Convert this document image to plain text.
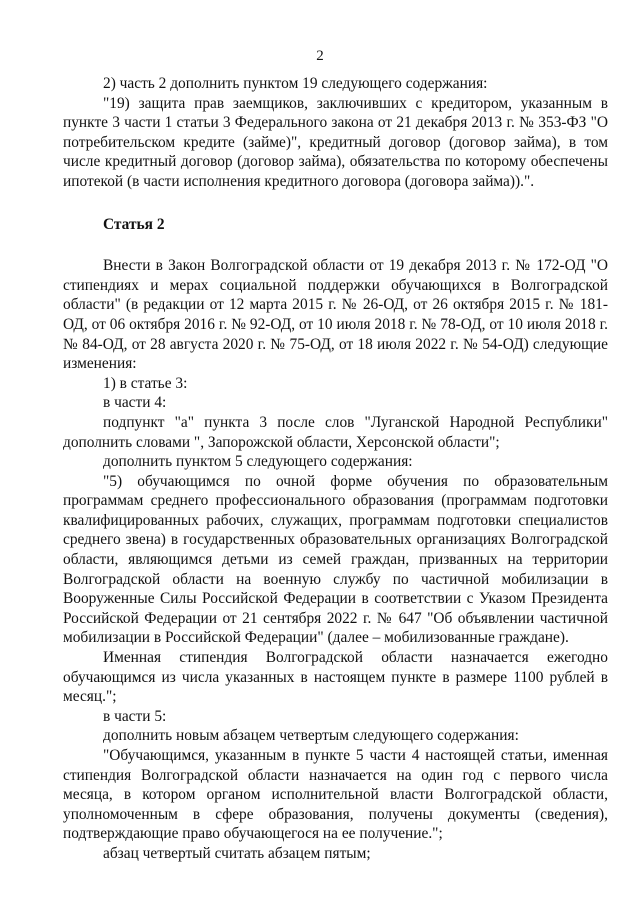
2

2) часть 2 дополнить пунктом 19 следующего содержания:

"19) защита прав заемщиков, заключивших с кредитором, указанным в пункте 3 части 1 статьи 3 Федерального закона от 21 декабря 2013 г. № 353-ФЗ "О потребительском кредите (займе)", кредитный договор (договор займа), в том числе кредитный договор (договор займа), обязательства по которому обеспечены ипотекой (в части исполнения кредитного договора (договора займа)).".

Статья 2

Внести в Закон Волгоградской области от 19 декабря 2013 г. № 172-ОД "О стипендиях и мерах социальной поддержки обучающихся в Волгоградской области" (в редакции от 12 марта 2015 г. № 26-ОД, от 26 октября 2015 г. № 181-ОД, от 06 октября 2016 г. № 92-ОД, от 10 июля 2018 г. № 78-ОД, от 10 июля 2018 г. № 84-ОД, от 28 августа 2020 г. № 75-ОД, от 18 июля 2022 г. № 54-ОД) следующие изменения:

1) в статье 3:

в части 4:

подпункт "а" пункта 3 после слов "Луганской Народной Республики" дополнить словами ", Запорожской области, Херсонской области";

дополнить пунктом 5 следующего содержания:

"5) обучающимся по очной форме обучения по образовательным программам среднего профессионального образования (программам подготовки квалифицированных рабочих, служащих, программам подготовки специалистов среднего звена) в государственных образовательных организациях Волгоградской области, являющимся детьми из семей граждан, призванных на территории Волгоградской области на военную службу по частичной мобилизации в Вооруженные Силы Российской Федерации в соответствии с Указом Президента Российской Федерации от 21 сентября 2022 г. № 647 "Об объявлении частичной мобилизации в Российской Федерации" (далее – мобилизованные граждане).

Именная стипендия Волгоградской области назначается ежегодно обучающимся из числа указанных в настоящем пункте в размере 1100 рублей в месяц.";

в части 5:

дополнить новым абзацем четвертым следующего содержания:

"Обучающимся, указанным в пункте 5 части 4 настоящей статьи, именная стипендия Волгоградской области назначается на один год с первого числа месяца, в котором органом исполнительной власти Волгоградской области, уполномоченным в сфере образования, получены документы (сведения), подтверждающие право обучающегося на ее получение.";

абзац четвертый считать абзацем пятым;
